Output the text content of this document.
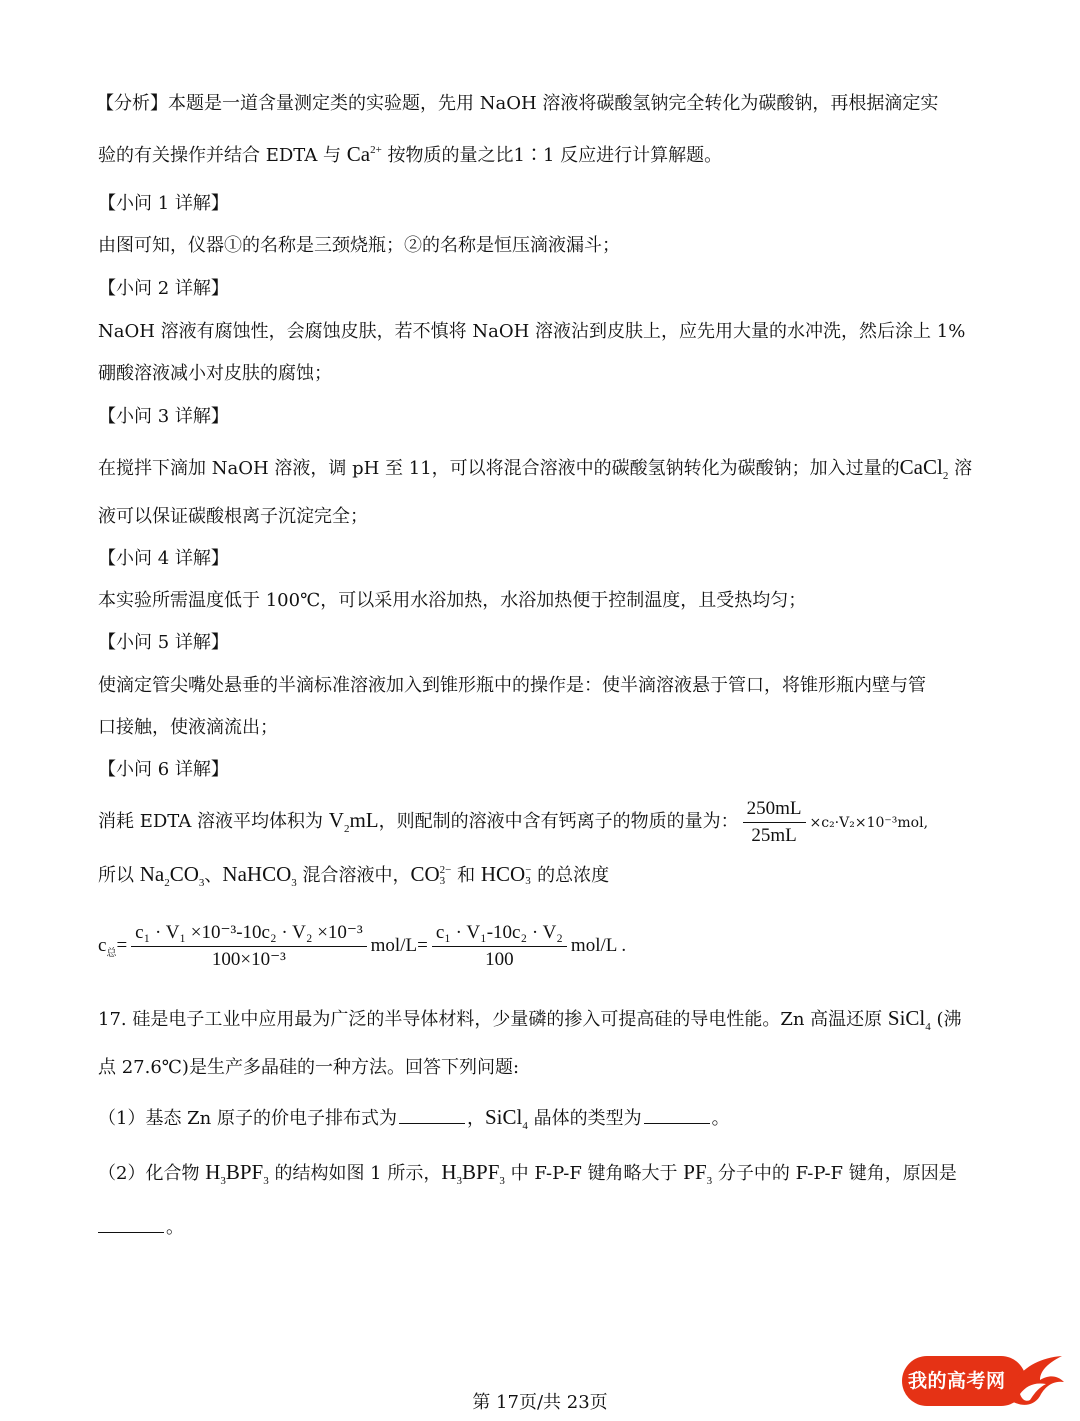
【分析】本题是一道含量测定类的实验题，先用 NaOH 溶液将碳酸氢钠完全转化为碳酸钠，再根据滴定实
验的有关操作并结合 EDTA 与 $Ca^{2+}$ 按物质的量之比1∶1 反应进行计算解题。
【小问 1 详解】
由图可知，仪器①的名称是三颈烧瓶；②的名称是恒压滴液漏斗；
【小问 2 详解】
NaOH 溶液有腐蚀性，会腐蚀皮肤，若不慎将 NaOH 溶液沾到皮肤上，应先用大量的水冲洗，然后涂上 1%
硼酸溶液减小对皮肤的腐蚀；
【小问 3 详解】
在搅拌下滴加 NaOH 溶液，调 pH 至 11，可以将混合溶液中的碳酸氢钠转化为碳酸钠；加入过量的CaCl$_2$ 溶
液可以保证碳酸根离子沉淀完全；
【小问 4 详解】
本实验所需温度低于 100℃，可以采用水浴加热，水浴加热便于控制温度，且受热均匀；
【小问 5 详解】
使滴定管尖嘴处悬垂的半滴标准溶液加入到锥形瓶中的操作是：使半滴溶液悬于管口，将锥形瓶内壁与管
口接触，使液滴流出；
【小问 6 详解】
消耗 EDTA 溶液平均体积为 $V_2mL$，则配制的溶液中含有钙离子的物质的量为： $\frac{250mL}{25mL} \times c_2\cdot V_2\times 10^{-3}mol$,
所以 $Na_2CO_3$、NaHCO$_3$ 混合溶液中，CO 2−
3 和 HCO −
3 的总浓度
$c_总= \frac{\text{c₁ · V₁ ×10⁻³-10c₂ · V₂ ×10⁻³}}{\text{100×10⁻³}} mol/L= \frac{\text{c₁ · V₁-10c₂ · V₂}}{100} mol/L$ .
17. 硅是电子工业中应用最为广泛的半导体材料，少量磷的掺入可提高硅的导电性能。Zn 高温还原 SiCl$_4$ (沸
点 27.6℃)是生产多晶硅的一种方法。回答下列问题:
（1）基态 Zn 原子的价电子排布式为	，SiCl$_4$ 晶体的类型为	。
（2）化合物 $H_3BPF_3$ 的结构如图 1 所示，$H_3BPF_3$ 中 F-P-F 键角略大于 $PF_3$ 分子中的 F-P-F 键角，原因是
。
第 17页/共 23页
我的高考网
